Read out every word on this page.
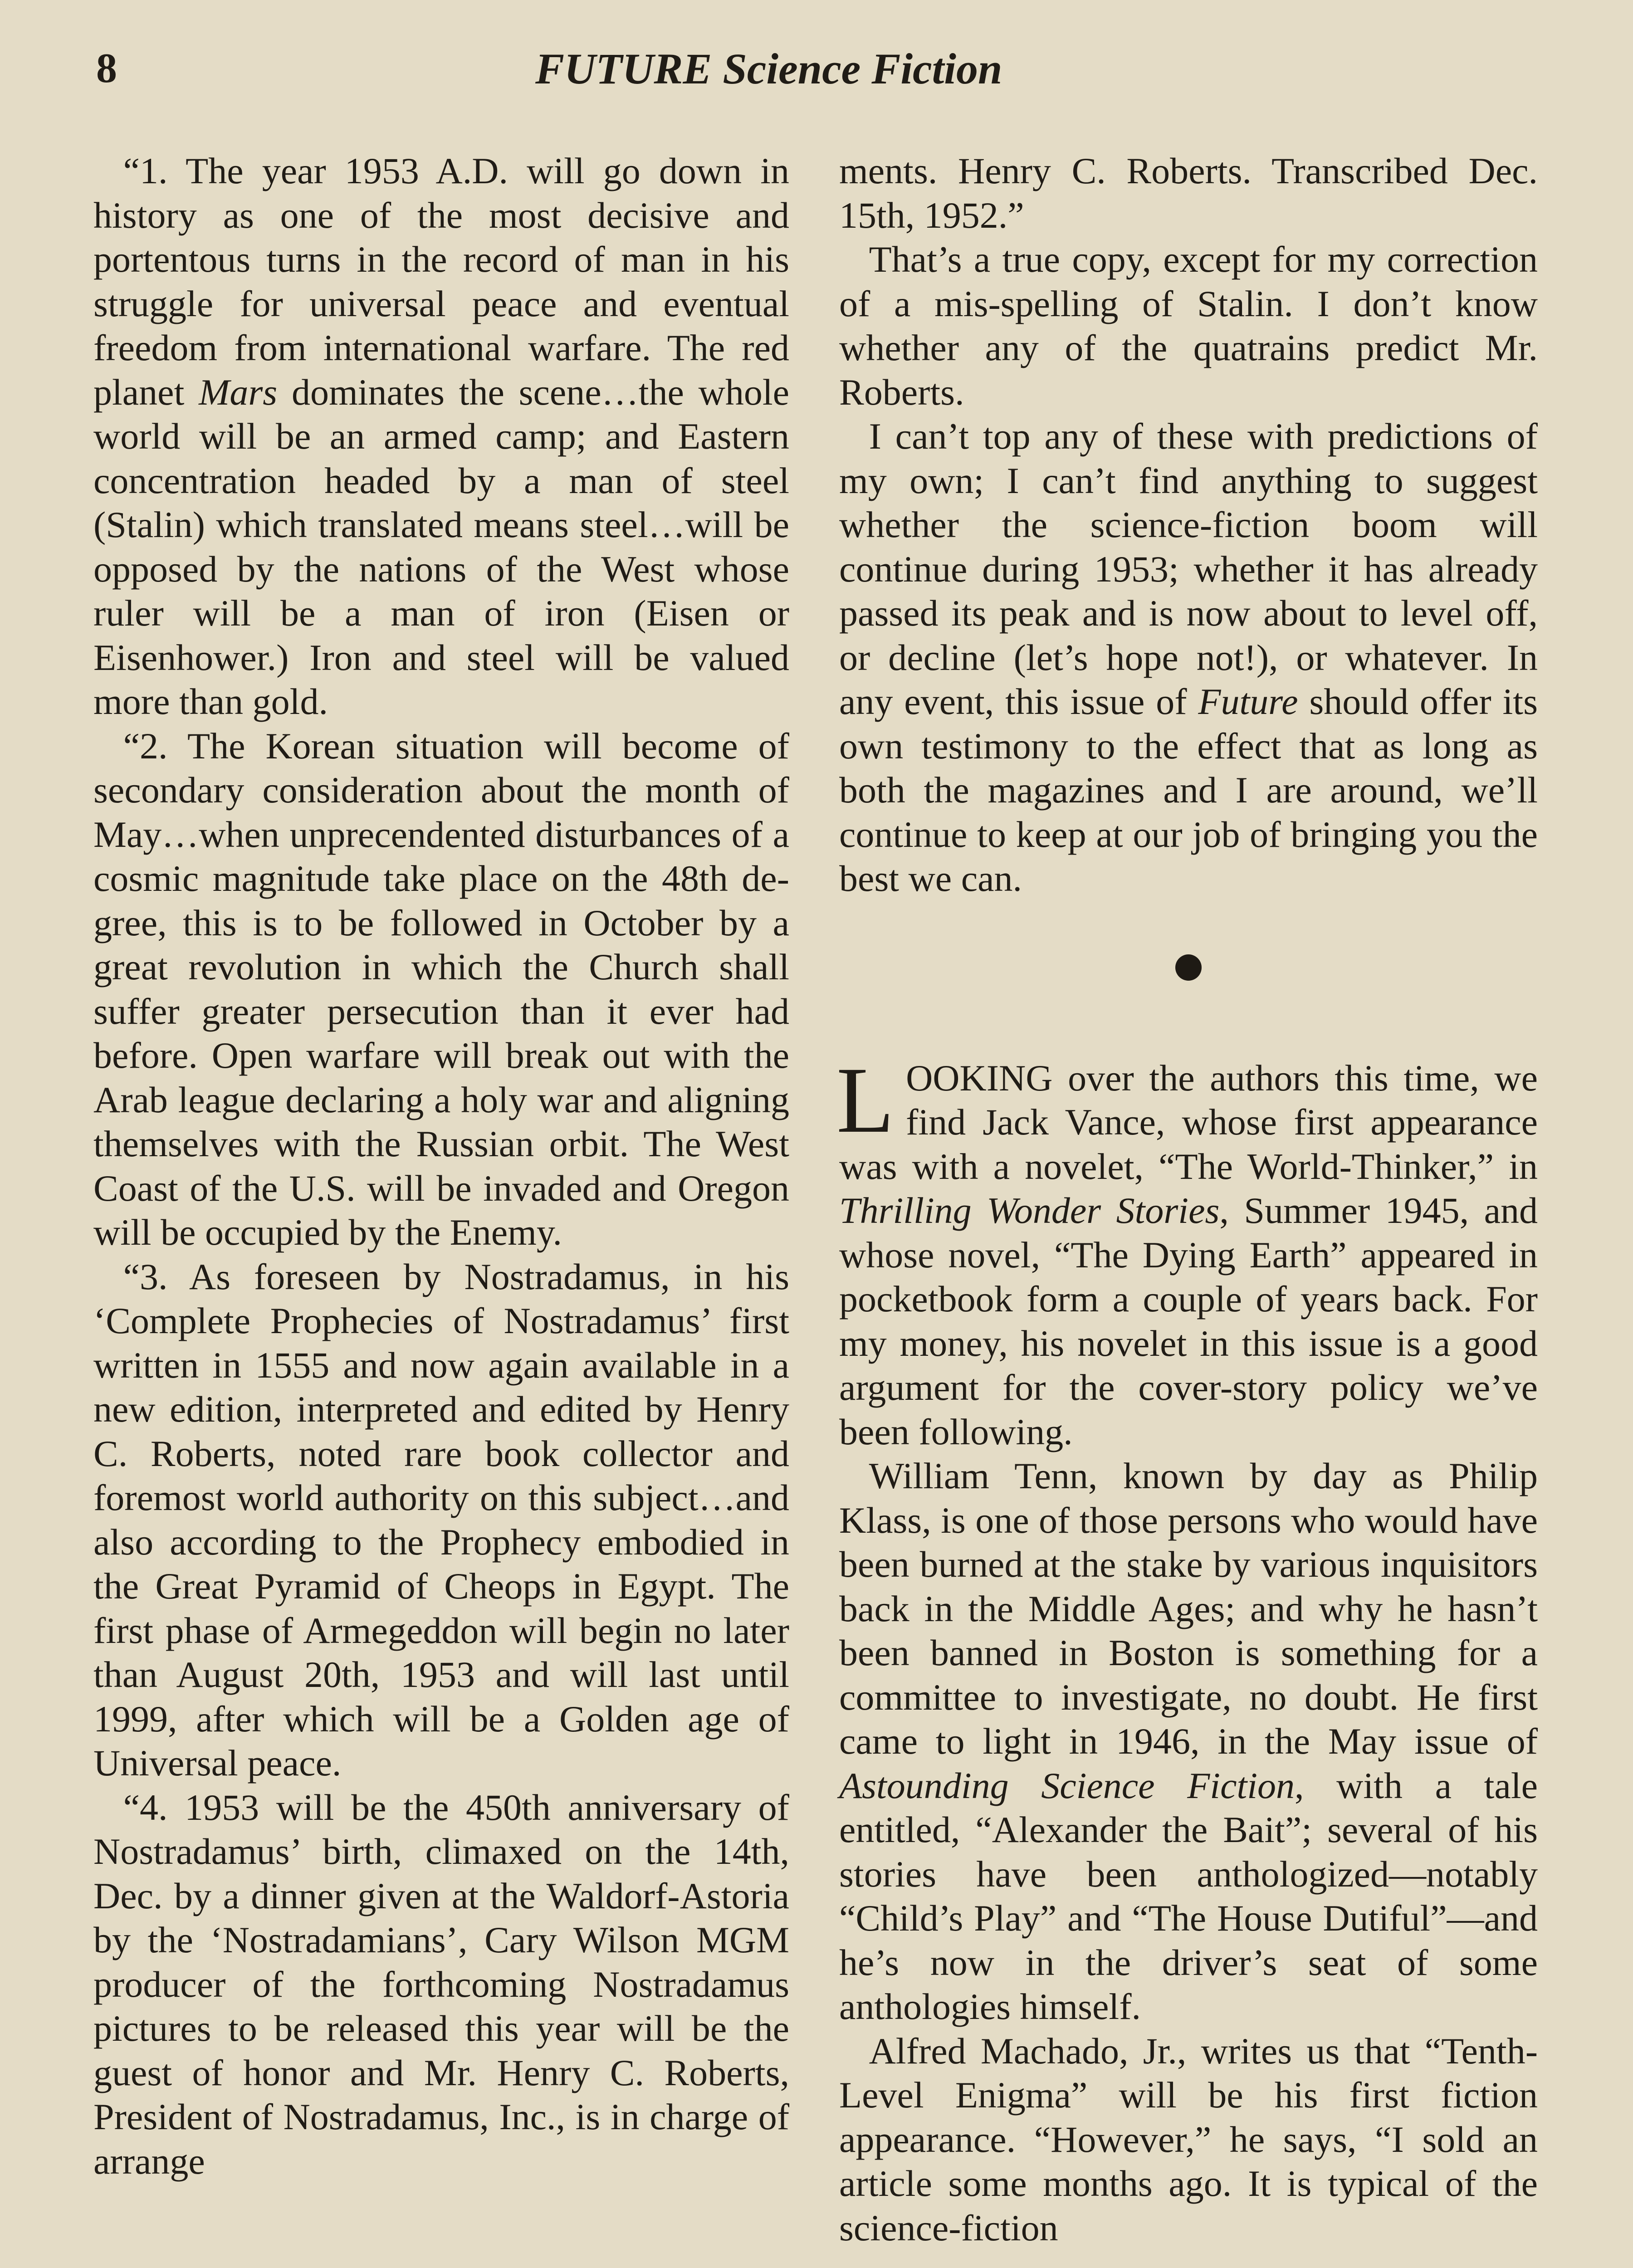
8	FUTURE Science Fiction

“1. The year 1953 A.D. will go down in history as one of the most decisive and portentous turns in the record of man in his struggle for universal peace and eventual freedom from international warfare. The red planet Mars dominates the scene…the whole world will be an armed camp; and Eastern concentration headed by a man of steel (Stalin) which translated means steel…will be opposed by the nations of the West whose ruler will be a man of iron (Eisen or Eisenhower.) Iron and steel will be valued more than gold.

“2. The Korean situation will become of secondary consideration about the month of May…when unprecendented disturbances of a cosmic magnitude take place on the 48th degree, this is to be followed in October by a great revolution in which the Church shall suffer greater persecution than it ever had before. Open warfare will break out with the Arab league declaring a holy war and aligning themselves with the Russian orbit. The West Coast of the U.S. will be invaded and Oregon will be occupied by the Enemy.

“3. As foreseen by Nostradamus, in his ‘Complete Prophecies of Nostradamus’ first written in 1555 and now again available in a new edition, interpreted and edited by Henry C. Roberts, noted rare book collector and foremost world authority on this subject…and also according to the Prophecy embodied in the Great Pyramid of Cheops in Egypt. The first phase of Armegeddon will begin no later than August 20th, 1953 and will last until 1999, after which will be a Golden age of Universal peace.

“4. 1953 will be the 450th anniversary of Nostradamus’ birth, climaxed on the 14th, Dec. by a dinner given at the Waldorf-Astoria by the ‘Nostradamians’, Cary Wilson MGM producer of the forthcoming Nostradamus pictures to be released this year will be the guest of honor and Mr. Henry C. Roberts, President of Nostradamus, Inc., is in charge of arrange

ments. Henry C. Roberts. Transcribed Dec. 15th, 1952.”

That’s a true copy, except for my correction of a mis-spelling of Stalin. I don’t know whether any of the quatrains predict Mr. Roberts.

I can’t top any of these with predictions of my own; I can’t find anything to suggest whether the science-fiction boom will continue during 1953; whether it has already passed its peak and is now about to level off, or decline (let’s hope not!), or whatever. In any event, this issue of Future should offer its own testimony to the effect that as long as both the magazines and I are around, we’ll continue to keep at our job of bringing you the best we can.

LOOKING over the authors this time, we find Jack Vance, whose first appearance was with a novelet, “The World-Thinker,” in Thrilling Wonder Stories, Summer 1945, and whose novel, “The Dying Earth” appeared in pocketbook form a couple of years back. For my money, his novelet in this issue is a good argument for the cover-story policy we’ve been following.

William Tenn, known by day as Philip Klass, is one of those persons who would have been burned at the stake by various inquisitors back in the Middle Ages; and why he hasn’t been banned in Boston is something for a committee to investigate, no doubt. He first came to light in 1946, in the May issue of Astounding Science Fiction, with a tale entitled, “Alexander the Bait”; several of his stories have been anthologized—notably “Child’s Play” and “The House Dutiful”—and he’s now in the driver’s seat of some anthologies himself.

Alfred Machado, Jr., writes us that “Tenth-Level Enigma” will be his first fiction appearance. “However,” he says, “I sold an article some months ago. It is typical of the science-fiction
